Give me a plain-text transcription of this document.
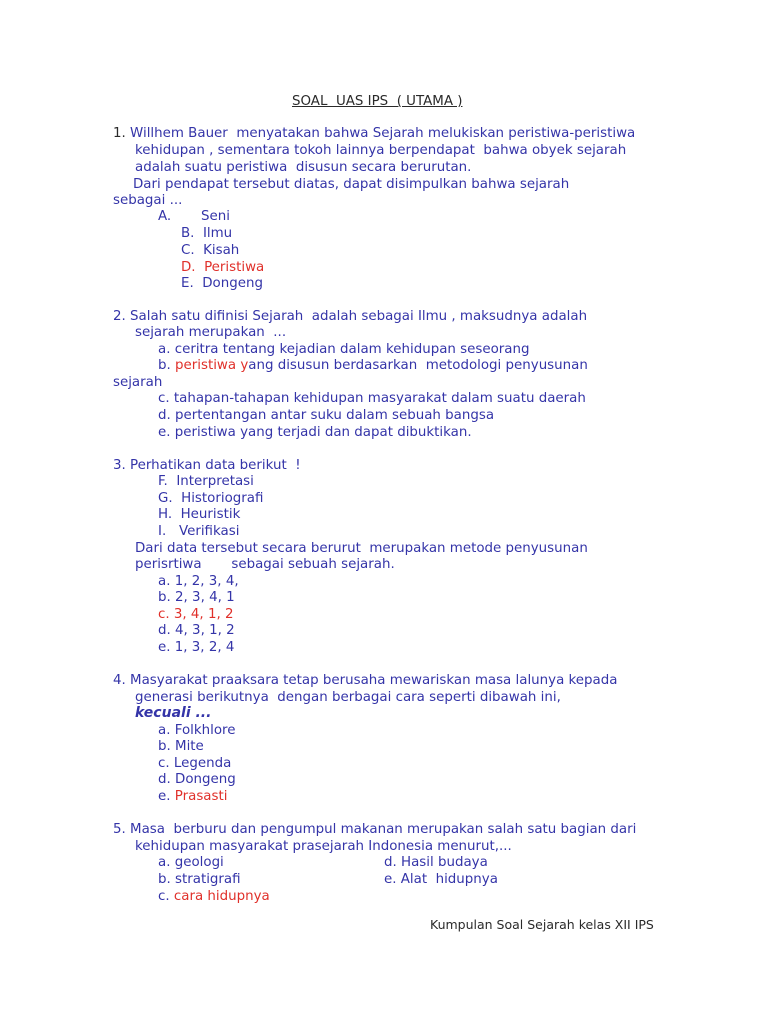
SOAL  UAS IPS  ( UTAMA )
1. Willhem Bauer  menyatakan bahwa Sejarah melukiskan peristiwa-peristiwa
kehidupan , sementara tokoh lainnya berpendapat  bahwa obyek sejarah
adalah suatu peristiwa  disusun secara berurutan.
Dari pendapat tersebut diatas, dapat disimpulkan bahwa sejarah
sebagai ...
A.       Seni
B.  Ilmu
C.  Kisah
D.  Peristiwa
E.  Dongeng
2. Salah satu difinisi Sejarah  adalah sebagai Ilmu , maksudnya adalah
sejarah merupakan  ...
a. ceritra tentang kejadian dalam kehidupan seseorang
b. peristiwa yang disusun berdasarkan  metodologi penyusunan
sejarah
c. tahapan-tahapan kehidupan masyarakat dalam suatu daerah
d. pertentangan antar suku dalam sebuah bangsa
e. peristiwa yang terjadi dan dapat dibuktikan.
3. Perhatikan data berikut  !
F.  Interpretasi
G.  Historiografi
H.  Heuristik
I.   Verifikasi
Dari data tersebut secara berurut  merupakan metode penyusunan
perisrtiwa       sebagai sebuah sejarah.
a. 1, 2, 3, 4,
b. 2, 3, 4, 1
c. 3, 4, 1, 2
d. 4, 3, 1, 2
e. 1, 3, 2, 4
4. Masyarakat praaksara tetap berusaha mewariskan masa lalunya kepada
generasi berikutnya  dengan berbagai cara seperti dibawah ini,
kecuali ...
a. Folkhlore
b. Mite
c. Legenda
d. Dongeng
e. Prasasti
5. Masa  berburu dan pengumpul makanan merupakan salah satu bagian dari
kehidupan masyarakat prasejarah Indonesia menurut,...
a. geologi	d. Hasil budaya
b. stratigrafi	e. Alat  hidupnya
c. cara hidupnya
Kumpulan Soal Sejarah kelas XII IPS
